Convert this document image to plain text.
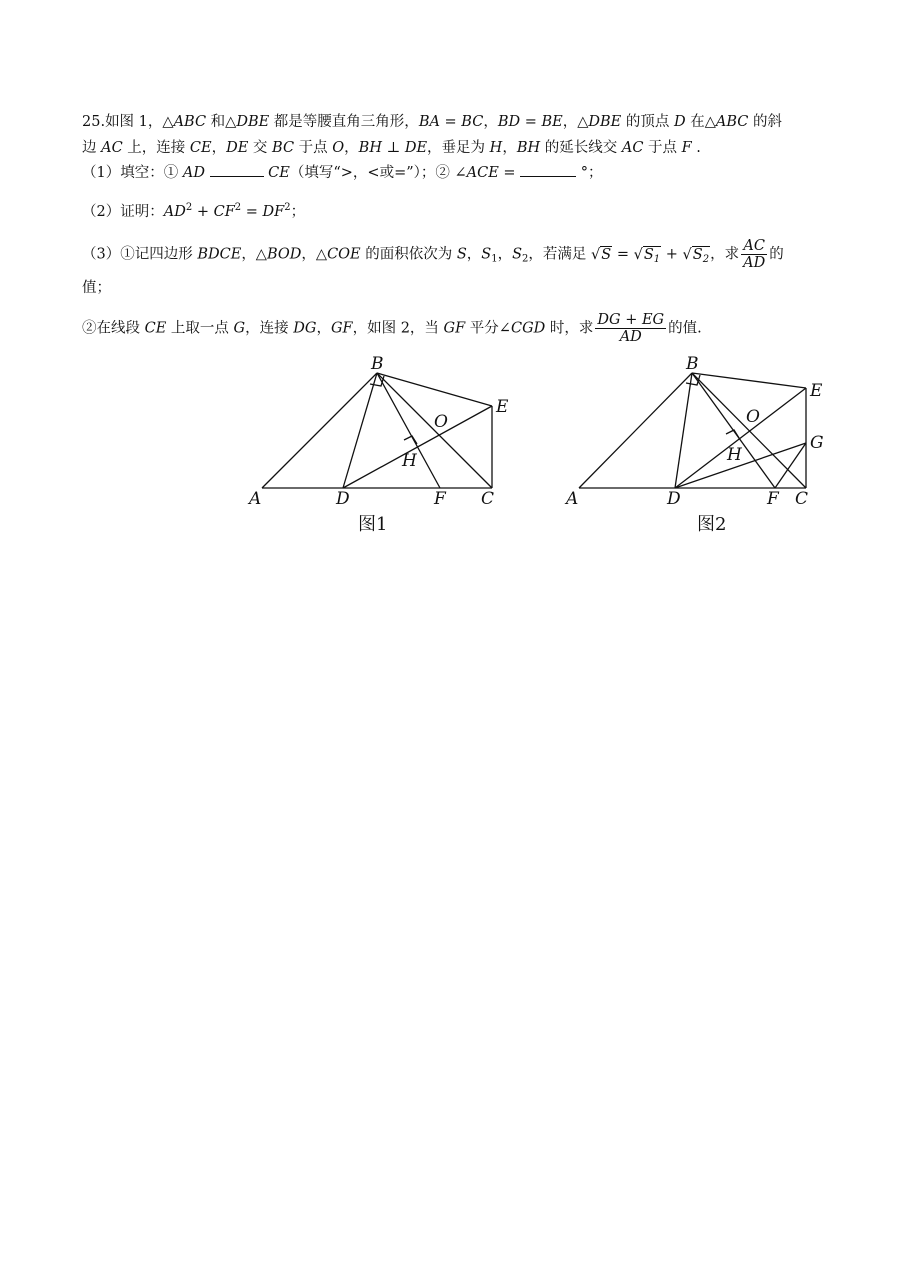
25.如图 1，△ABC 和△DBE 都是等腰直角三角形，BA = BC，BD = BE，△DBE 的顶点 D 在△ABC 的斜
边 AC 上，连接 CE，DE 交 BC 于点 O，BH ⊥ DE，垂足为 H，BH 的延长线交 AC 于点 F .
（1）填空：① AD	CE（填写“>，<或=”）；② ∠ACE =	°；
（2）证明：$AD^2 + CF^2 = DF^2$；
（3）①记四边形 BDCE，△BOD，△COE 的面积依次为 S，$S_1$，$S_2$，若满足 $√S = √S_1 + √S_2$，求 $\frac{AC}{AD}$ 的
值；
②在线段 CE 上取一点 G，连接 DG，GF，如图 2，当 GF 平分∠CGD 时，求 $\frac{DG + EG}{AD}$ 的值.
B
A	D	F C
E
O
H
图1
B
A	D	F C
E
G
O
H
图2
